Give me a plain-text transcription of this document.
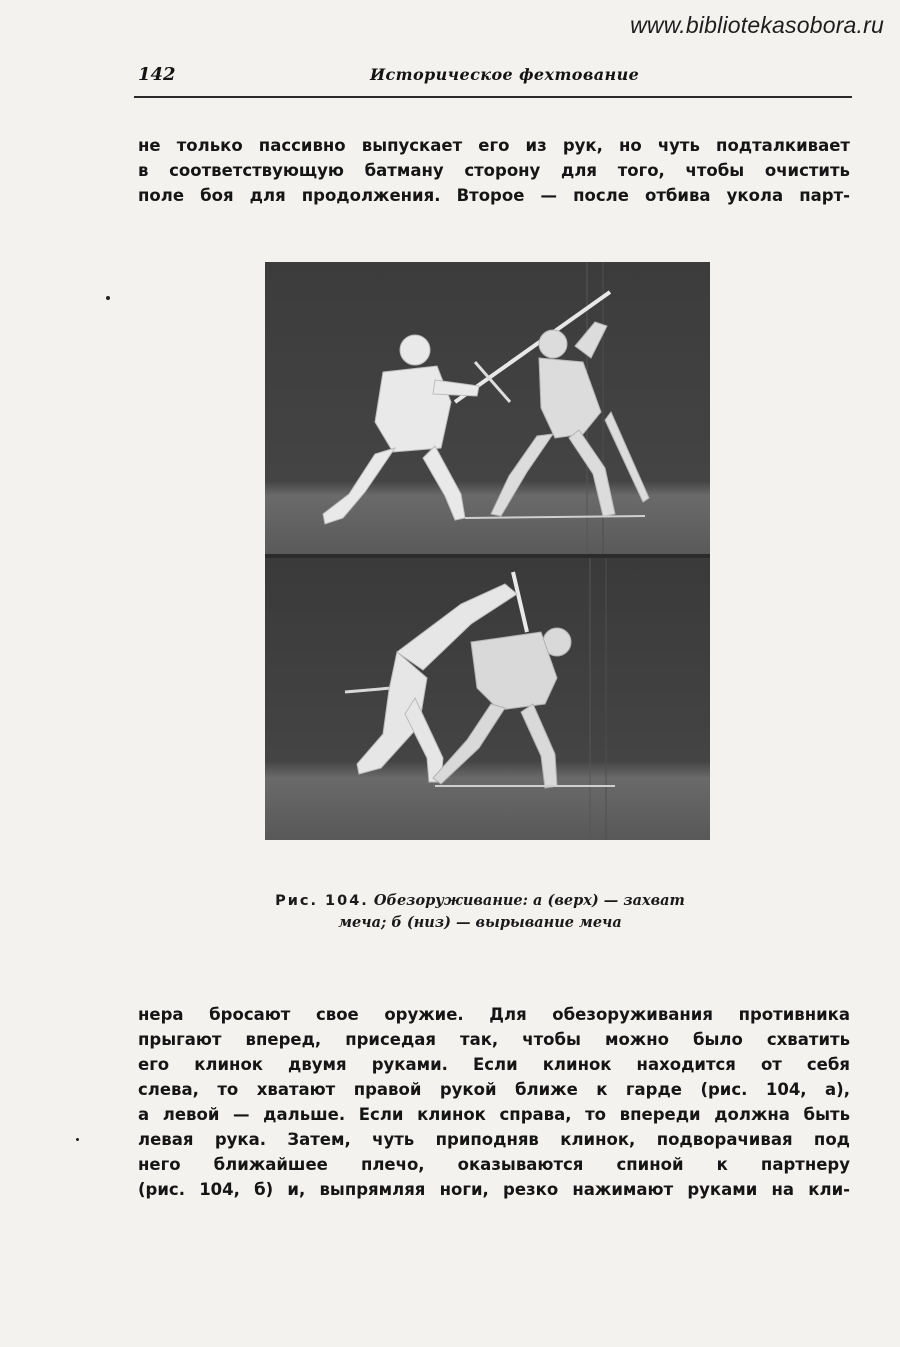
www.bibliotekasobora.ru
142	Историческое фехтование
не только пассивно выпускает его из рук, но чуть подталкивает
в соответствующую батману сторону для того, чтобы очистить
поле боя для продолжения. Второе — после отбива укола парт-
Рис. 104. Обезоруживание: а (верх) — захват
меча; б (низ) — вырывание меча
нера бросают свое оружие. Для обезоруживания противника
прыгают вперед, приседая так, чтобы можно было схватить
его клинок двумя руками. Если клинок находится от себя
слева, то хватают правой рукой ближе к гарде (рис. 104, а),
а левой — дальше. Если клинок справа, то впереди должна быть
левая рука. Затем, чуть приподняв клинок, подворачивая под
него ближайшее плечо, оказываются спиной к партнеру
(рис. 104, б) и, выпрямляя ноги, резко нажимают руками на кли-
